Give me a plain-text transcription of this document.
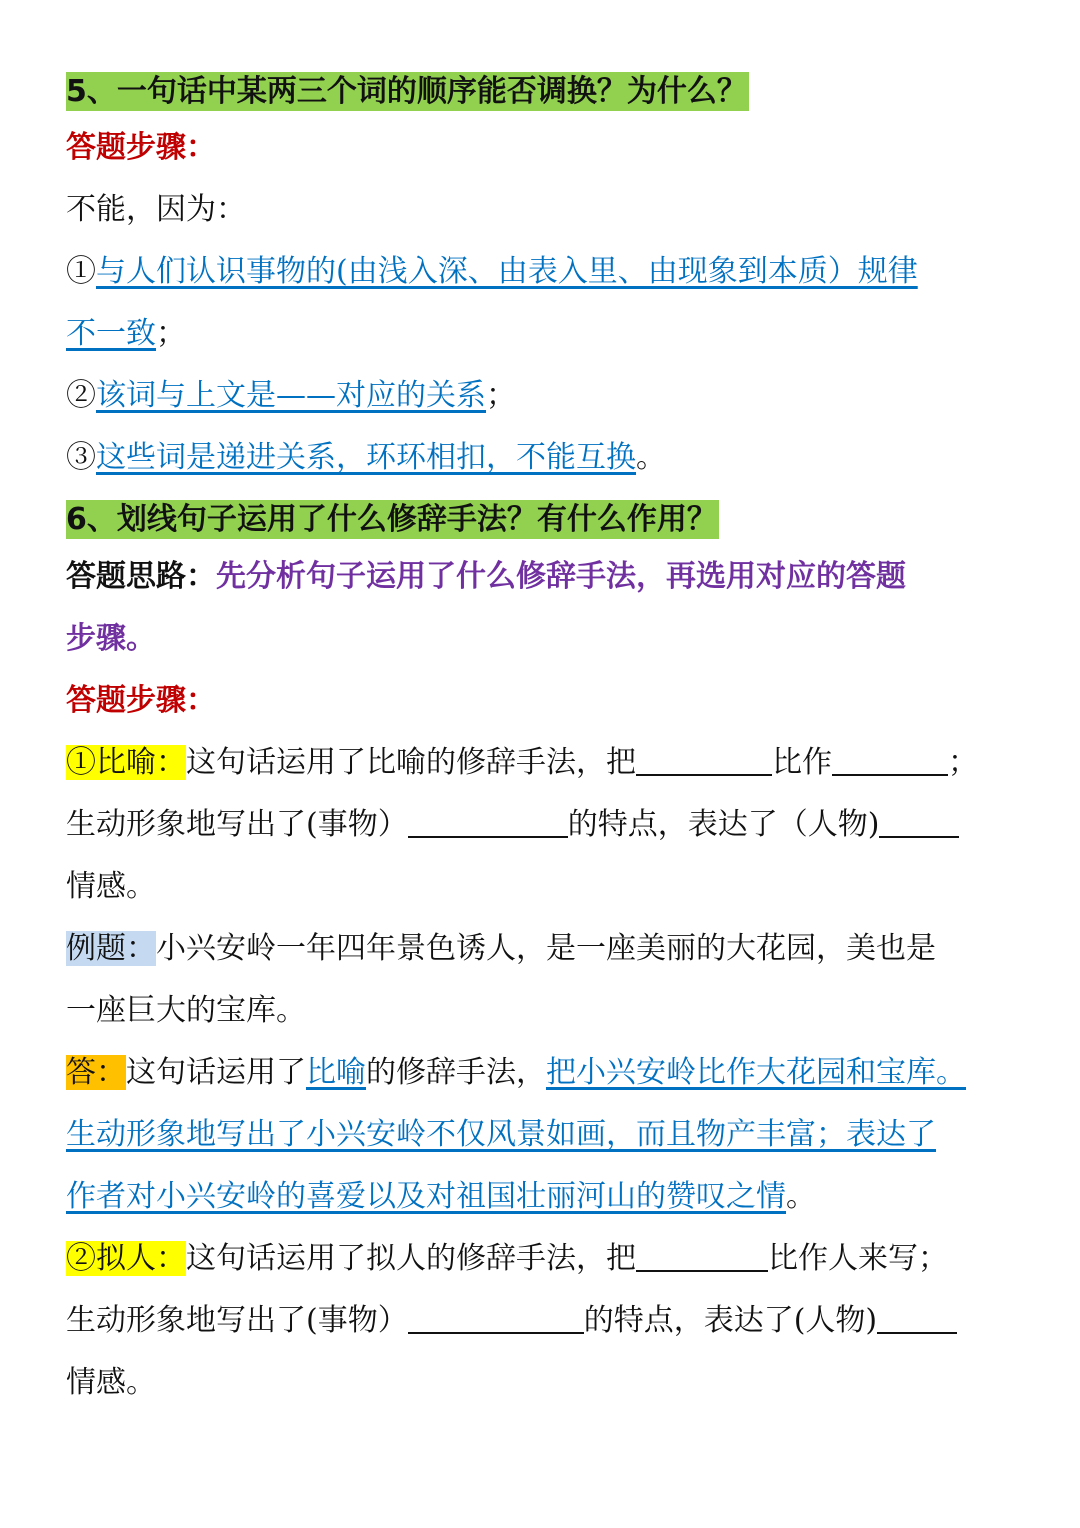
5、一句话中某两三个词的顺序能否调换？为什么？
答题步骤：
不能，因为：
①与人们认识事物的(由浅入深、由表入里、由现象到本质）规律
不一致；
②该词与上文是——对应的关系；
③这些词是递进关系，环环相扣，不能互换。
6、划线句子运用了什么修辞手法？有什么作用？
答题思路：先分析句子运用了什么修辞手法，再选用对应的答题
步骤。
答题步骤：
①比喻：这句话运用了比喻的修辞手法，把	比作	；
生动形象地写出了(事物）	的特点，表达了（人物)
情感。
例题：小兴安岭一年四年景色诱人，是一座美丽的大花园，美也是
一座巨大的宝库。
答：这句话运用了比喻的修辞手法，把小兴安岭比作大花园和宝库。
生动形象地写出了小兴安岭不仅风景如画，而且物产丰富；表达了
作者对小兴安岭的喜爱以及对祖国壮丽河山的赞叹之情。
②拟人：这句话运用了拟人的修辞手法，把	比作人来写；
生动形象地写出了(事物）	的特点，表达了(人物)
情感。
